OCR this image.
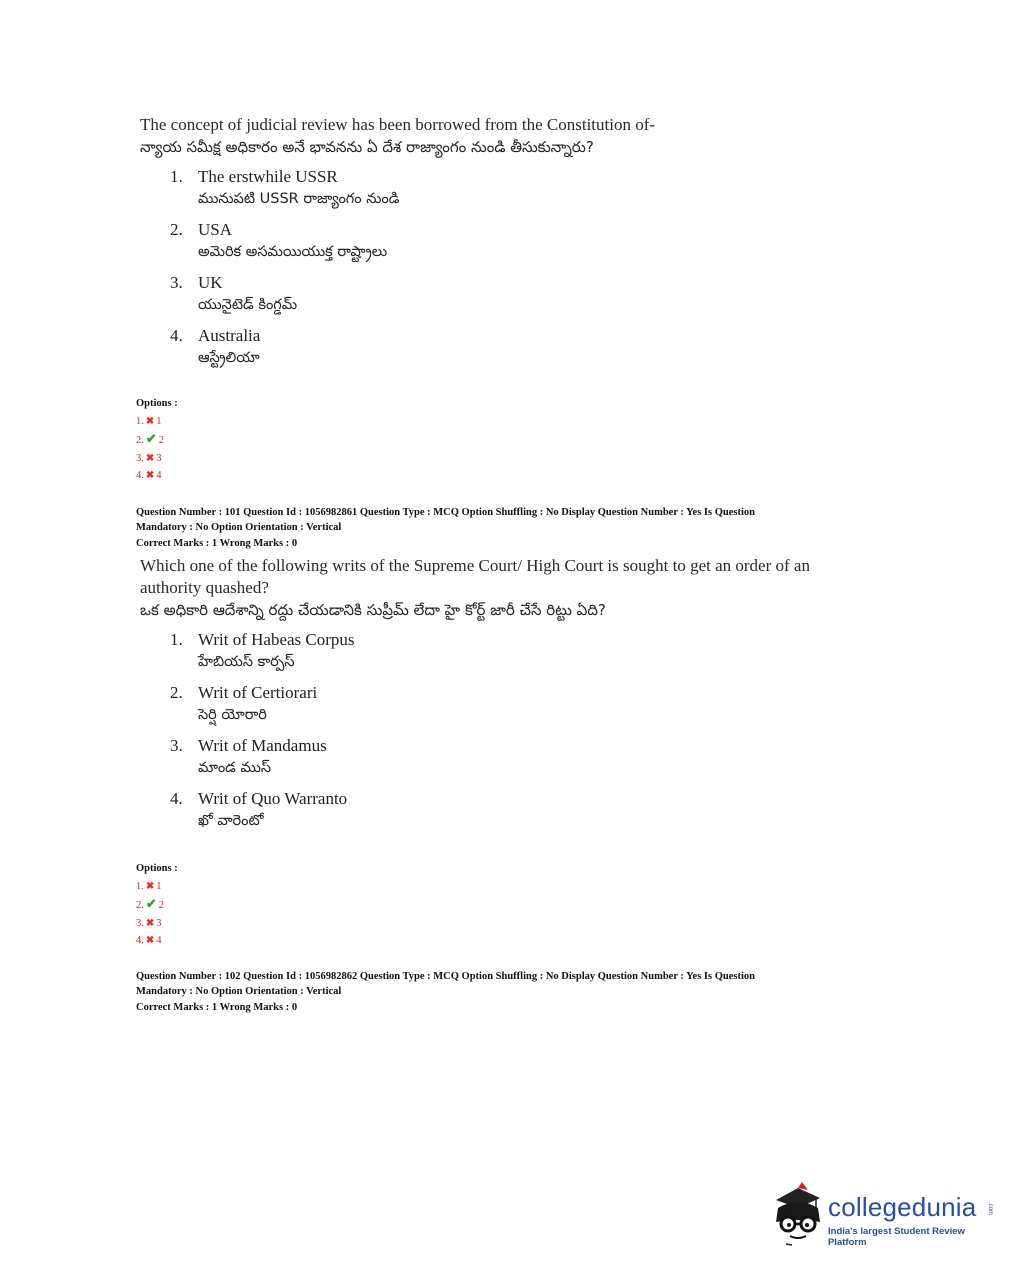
The concept of judicial review has been borrowed from the Constitution of-
న్యాయ సమీక్ష అధికారం అనే భావనను ఏ దేశ రాజ్యాంగం నుండి తీసుకున్నారు?
1. The erstwhile USSR
మునుపటి USSR రాజ్యాంగం నుండి
2. USA
అమెరిక అసమయియుక్త రాష్ట్రాలు
3. UK
యునైటెడ్ కింగ్డమ్
4. Australia
ఆస్ట్రేలియా
Options :
1. ✖ 1
2. ✔ 2
3. ✖ 3
4. ✖ 4
Question Number : 101 Question Id : 1056982861 Question Type : MCQ Option Shuffling : No Display Question Number : Yes Is Question
Mandatory : No Option Orientation : Vertical
Correct Marks : 1 Wrong Marks : 0
Which one of the following writs of the Supreme Court/ High Court is sought to get an order of an authority quashed?
ఒక అధికారి ఆదేశాన్ని రద్దు చేయడానికి సుప్రీమ్ లేదా హై కోర్ట్ జారీ చేసే రిట్టు ఏది?
1. Writ of Habeas Corpus
హేబియస్ కార్పస్
2. Writ of Certiorari
సెర్షి యోరారి
3. Writ of Mandamus
మాండ ముస్
4. Writ of Quo Warranto
ఖో వారెంటో
Options :
1. ✖ 1
2. ✔ 2
3. ✖ 3
4. ✖ 4
Question Number : 102 Question Id : 1056982862 Question Type : MCQ Option Shuffling : No Display Question Number : Yes Is Question
Mandatory : No Option Orientation : Vertical
Correct Marks : 1 Wrong Marks : 0
collegedunia .com
India's largest Student Review Platform
